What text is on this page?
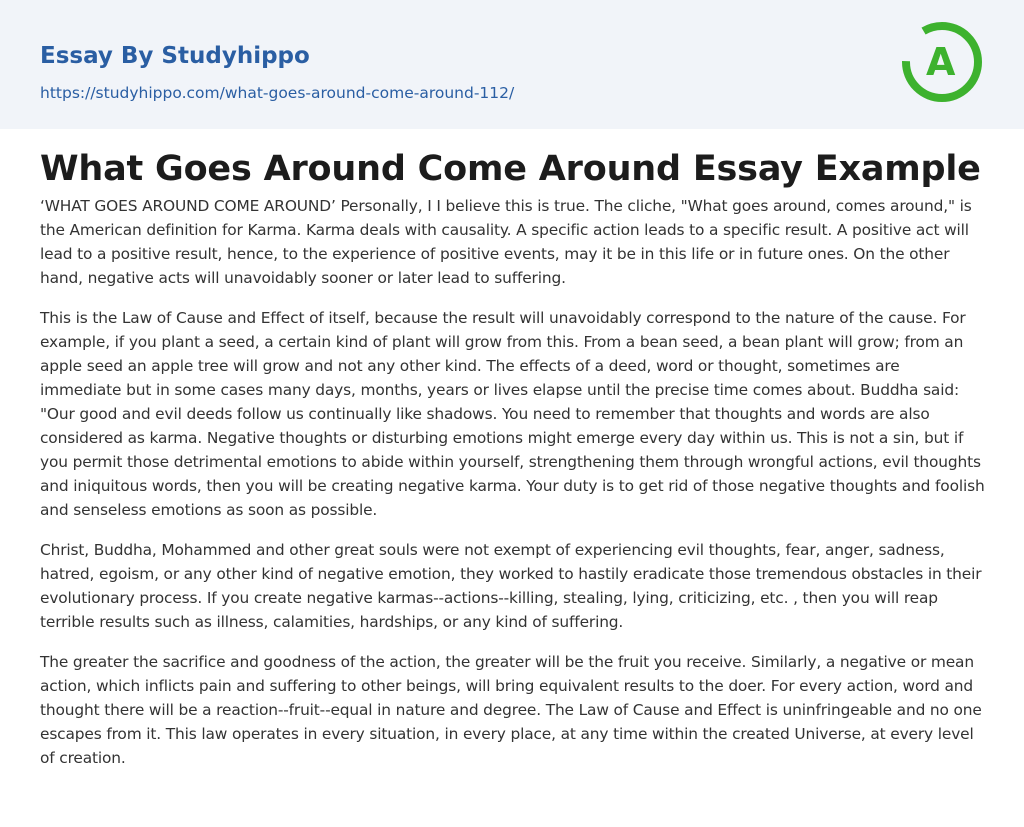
Essay By Studyhippo
https://studyhippo.com/what-goes-around-come-around-112/
A
What Goes Around Come Around Essay Example

‘WHAT GOES AROUND COME AROUND’ Personally, I I believe this is true. The cliche, "What goes around, comes around," is the American definition for Karma. Karma deals with causality. A specific action leads to a specific result. A positive act will lead to a positive result, hence, to the experience of positive events, may it be in this life or in future ones. On the other hand, negative acts will unavoidably sooner or later lead to suffering.

This is the Law of Cause and Effect of itself, because the result will unavoidably correspond to the nature of the cause. For example, if you plant a seed, a certain kind of plant will grow from this. From a bean seed, a bean plant will grow; from an apple seed an apple tree will grow and not any other kind. The effects of a deed, word or thought, sometimes are immediate but in some cases many days, months, years or lives elapse until the precise time comes about. Buddha said: "Our good and evil deeds follow us continually like shadows. You need to remember that thoughts and words are also considered as karma. Negative thoughts or disturbing emotions might emerge every day within us. This is not a sin, but if you permit those detrimental emotions to abide within yourself, strengthening them through wrongful actions, evil thoughts and iniquitous words, then you will be creating negative karma. Your duty is to get rid of those negative thoughts and foolish and senseless emotions as soon as possible.

Christ, Buddha, Mohammed and other great souls were not exempt of experiencing evil thoughts, fear, anger, sadness, hatred, egoism, or any other kind of negative emotion, they worked to hastily eradicate those tremendous obstacles in their evolutionary process. If you create negative karmas--actions--killing, stealing, lying, criticizing, etc. , then you will reap terrible results such as illness, calamities, hardships, or any kind of suffering.

The greater the sacrifice and goodness of the action, the greater will be the fruit you receive. Similarly, a negative or mean action, which inflicts pain and suffering to other beings, will bring equivalent results to the doer. For every action, word and thought there will be a reaction--fruit--equal in nature and degree. The Law of Cause and Effect is uninfringeable and no one escapes from it. This law operates in every situation, in every place, at any time within the created Universe, at every level of creation.
